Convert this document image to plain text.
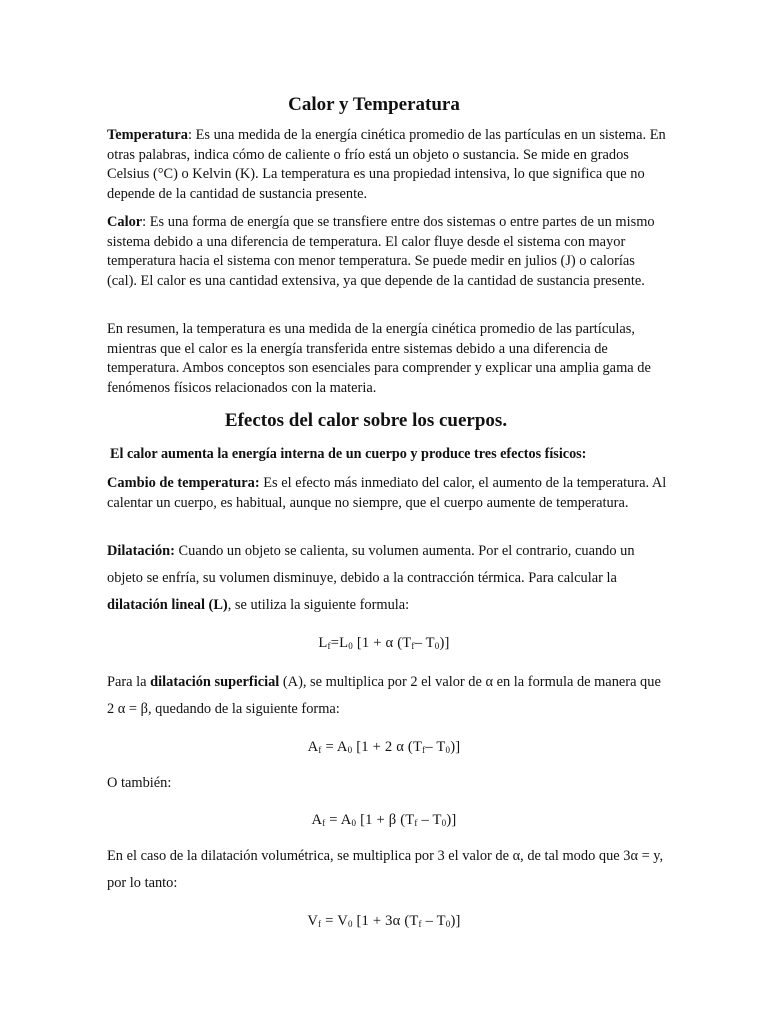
Calor y Temperatura

Temperatura: Es una medida de la energía cinética promedio de las partículas en un sistema. En otras palabras, indica cómo de caliente o frío está un objeto o sustancia. Se mide en grados Celsius (°C) o Kelvin (K). La temperatura es una propiedad intensiva, lo que significa que no depende de la cantidad de sustancia presente.

Calor: Es una forma de energía que se transfiere entre dos sistemas o entre partes de un mismo sistema debido a una diferencia de temperatura. El calor fluye desde el sistema con mayor temperatura hacia el sistema con menor temperatura. Se puede medir en julios (J) o calorías (cal). El calor es una cantidad extensiva, ya que depende de la cantidad de sustancia presente.

En resumen, la temperatura es una medida de la energía cinética promedio de las partículas, mientras que el calor es la energía transferida entre sistemas debido a una diferencia de temperatura. Ambos conceptos son esenciales para comprender y explicar una amplia gama de fenómenos físicos relacionados con la materia.

Efectos del calor sobre los cuerpos.
El calor aumenta la energía interna de un cuerpo y produce tres efectos físicos:

Cambio de temperatura: Es el efecto más inmediato del calor, el aumento de la temperatura. Al calentar un cuerpo, es habitual, aunque no siempre, que el cuerpo aumente de temperatura.

Dilatación: Cuando un objeto se calienta, su volumen aumenta. Por el contrario, cuando un objeto se enfría, su volumen disminuye, debido a la contracción térmica. Para calcular la dilatación lineal (L), se utiliza la siguiente formula:

$L_f=L_0$ [1 + α ($T_f-$ $T_0$)]

Para la dilatación superficial (A), se multiplica por 2 el valor de α en la formula de manera que 2 α = β, quedando de la siguiente forma:

$A_f = A_0$ [1 + 2 α ($T_f-$ $T_0$)]

O también:

$A_f = A_0$ [1 + β $(T_f - T_0)$]

En el caso de la dilatación volumétrica, se multiplica por 3 el valor de α, de tal modo que 3α = y, por lo tanto:

$V_f = V_0$ [1 + 3α $(T_f - T_0)$]
